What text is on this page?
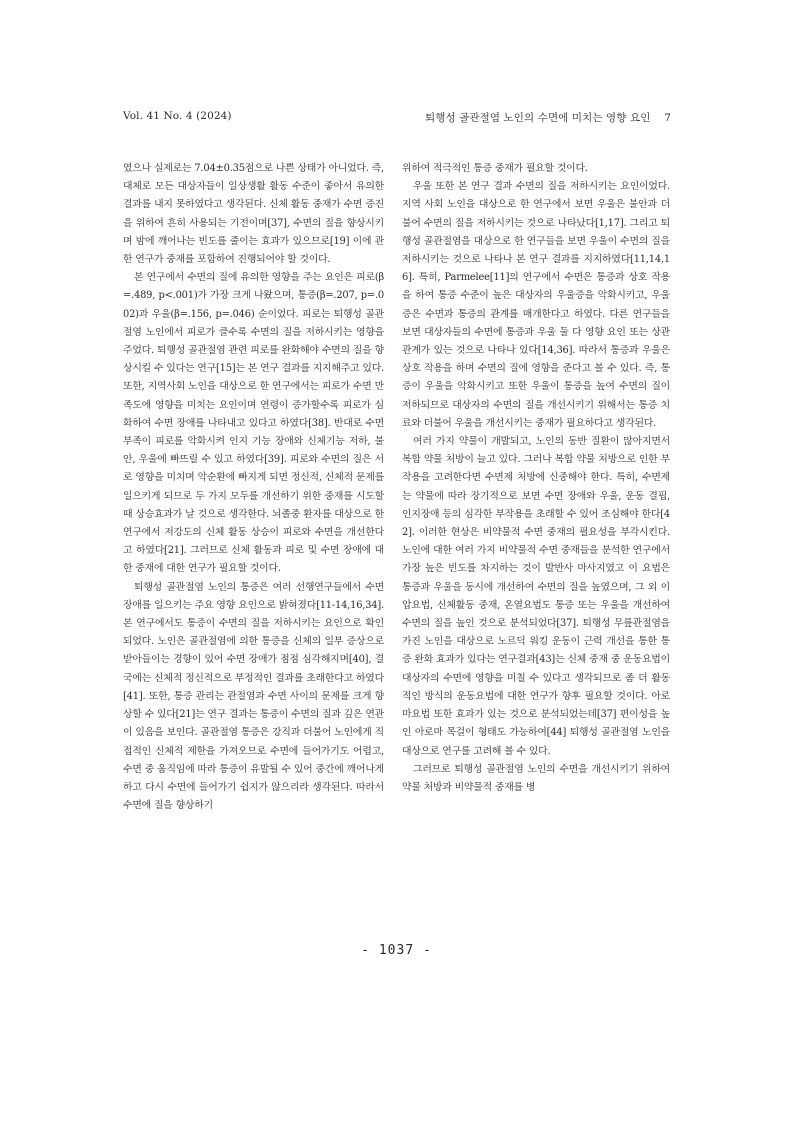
Vol. 41 No. 4 (2024)	퇴행성 골관절염 노인의 수면에 미치는 영향 요인 7

였으나 실제로는 7.04±0.35점으로 나쁜 상태가 아니었다. 즉, 대체로 모든 대상자들이 일상생활 활동 수준이 좋아서 유의한 결과를 내지 못하였다고 생각된다. 신체 활동 중재가 수면 증진을 위하여 흔히 사용되는 기전이며[37], 수면의 질을 향상시키며 밤에 깨어나는 빈도를 줄이는 효과가 있으므로[19] 이에 관한 연구가 중재를 포함하여 진행되어야 할 것이다.

본 연구에서 수면의 질에 유의한 영향을 주는 요인은 피로(β=.489, p<.001)가 가장 크게 나왔으며, 통증(β=.207, p=.002)과 우울(β=.156, p=.046) 순이었다. 피로는 퇴행성 골관절염 노인에서 피로가 클수록 수면의 질을 저하시키는 영향을 주었다. 퇴행성 골관절염 관련 피로를 완화해야 수면의 질을 향상시킬 수 있다는 연구[15]는 본 연구 결과를 지지해주고 있다. 또한, 지역사회 노인을 대상으로 한 연구에서는 피로가 수면 만족도에 영향을 미치는 요인이며 연령이 증가할수록 피로가 심화하여 수면 장애를 나타내고 있다고 하였다[38]. 반대로 수면 부족이 피로를 악화시켜 인지 기능 장애와 신체기능 저하, 불안, 우울에 빠뜨릴 수 있고 하였다[39]. 피로와 수면의 질은 서로 영향을 미치며 악순환에 빠지게 되면 정신적, 신체적 문제를 일으키게 되므로 두 가지 모두를 개선하기 위한 중재를 시도할 때 상승효과가 날 것으로 생각한다. 뇌졸중 환자를 대상으로 한 연구에서 저강도의 신체 활동 상승이 피로와 수면을 개선한다고 하였다[21]. 그러므로 신체 활동과 피로 및 수면 장애에 대한 중재에 대한 연구가 필요할 것이다.

퇴행성 골관절염 노인의 통증은 여러 선행연구들에서 수면 장애를 일으키는 주요 영향 요인으로 밝혀졌다[11-14,16,34]. 본 연구에서도 통증이 수면의 질을 저하시키는 요인으로 확인되었다. 노인은 골관절염에 의한 통증을 신체의 일부 증상으로 받아들이는 경향이 있어 수면 장애가 점점 심각해지며[40], 결국에는 신체적 정신적으로 부정적인 결과를 초래한다고 하였다[41]. 또한, 통증 관리는 관절염과 수면 사이의 문제를 크게 향상할 수 있다[21]는 연구 결과는 통증이 수면의 질과 깊은 연관이 있음을 보인다. 골관절염 통증은 강직과 더불어 노인에게 직접적인 신체적 제한을 가져오므로 수면에 들어가기도 어렵고, 수면 중 움직임에 따라 통증이 유발될 수 있어 중간에 깨어나게 하고 다시 수면에 들어가기 쉽지가 않으리라 생각된다. 따라서 수면에 질을 향상하기

위하여 적극적인 통증 중재가 필요할 것이다.

우울 또한 본 연구 결과 수면의 질을 저하시키는 요인이었다. 지역 사회 노인을 대상으로 한 연구에서 보면 우울은 불안과 더불어 수면의 질을 저하시키는 것으로 나타났다[1,17]. 그리고 퇴행성 골관절염을 대상으로 한 연구들을 보면 우울이 수면의 질을 저하시키는 것으로 나타나 본 연구 결과를 지지하였다[11,14,16]. 특히, Parmelee[11]의 연구에서 수면은 통증과 상호 작용을 하여 통증 수준이 높은 대상자의 우울증을 악화시키고, 우울증은 수면과 통증의 관계를 매개한다고 하였다. 다른 연구들을 보면 대상자들의 수면에 통증과 우울 둘 다 영향 요인 또는 상관관계가 있는 것으로 나타나 있다[14,36]. 따라서 통증과 우울은 상호 작용을 하며 수면의 질에 영향을 준다고 볼 수 있다. 즉, 통증이 우울을 악화시키고 또한 우울이 통증을 높여 수면의 질이 저하되므로 대상자의 수면의 질을 개선시키기 위해서는 통증 치료와 더불어 우울을 개선시키는 중재가 필요하다고 생각된다.

여러 가지 약물이 개발되고, 노인의 동반 질환이 많아지면서 복합 약물 처방이 늘고 있다. 그러나 복합 약물 처방으로 인한 부작용을 고려한다면 수면제 처방에 신중해야 한다. 특히, 수면제는 약물에 따라 장기적으로 보면 수면 장애와 우울, 운동 결핍, 인지장애 등의 심각한 부작용을 초래할 수 있어 조심해야 한다[42]. 이러한 현상은 비약물적 수면 중재의 필요성을 부각시킨다. 노인에 대한 여러 가지 비약물적 수면 중재들을 분석한 연구에서 가장 높은 빈도를 차지하는 것이 발반사 마사지였고 이 요법은 통증과 우울을 동시에 개선하여 수면의 질을 높였으며, 그 외 이압요법, 신체활동 중재, 온열요법도 통증 또는 우울을 개선하여 수면의 질을 높인 것으로 분석되었다[37]. 퇴행성 무릎관절염을 가진 노인을 대상으로 노르딕 워킹 운동이 근력 개선을 통한 통증 완화 효과가 있다는 연구결과[43]는 신체 중재 중 운동요법이 대상자의 수면에 영향을 미칠 수 있다고 생각되므로 좀 더 활동적인 방식의 운동요법에 대한 연구가 향후 필요할 것이다. 아로마요법 또한 효과가 있는 것으로 분석되었는데[37] 편이성을 높인 아로마 목걸이 형태도 가능하여[44] 퇴행성 골관절염 노인을 대상으로 연구를 고려해 볼 수 있다.

그러므로 퇴행성 골관절염 노인의 수면을 개선시키기 위하여 약물 처방과 비약물적 중재를 병

- 1037 -
